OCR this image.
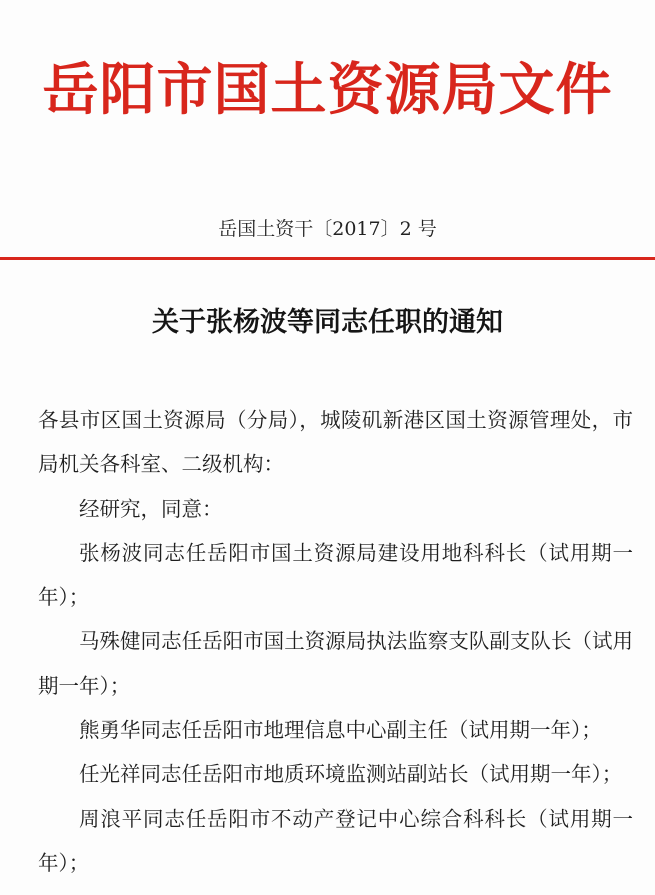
岳阳市国土资源局文件
岳国土资干〔2017〕2 号
关于张杨波等同志任职的通知

各县市区国土资源局（分局），城陵矶新港区国土资源管理处，市局机关各科室、二级机构：

经研究，同意：

张杨波同志任岳阳市国土资源局建设用地科科长（试用期一年）；

马殊健同志任岳阳市国土资源局执法监察支队副支队长（试用期一年）；

熊勇华同志任岳阳市地理信息中心副主任（试用期一年）；

任光祥同志任岳阳市地质环境监测站副站长（试用期一年）；

周浪平同志任岳阳市不动产登记中心综合科科长（试用期一年）；
